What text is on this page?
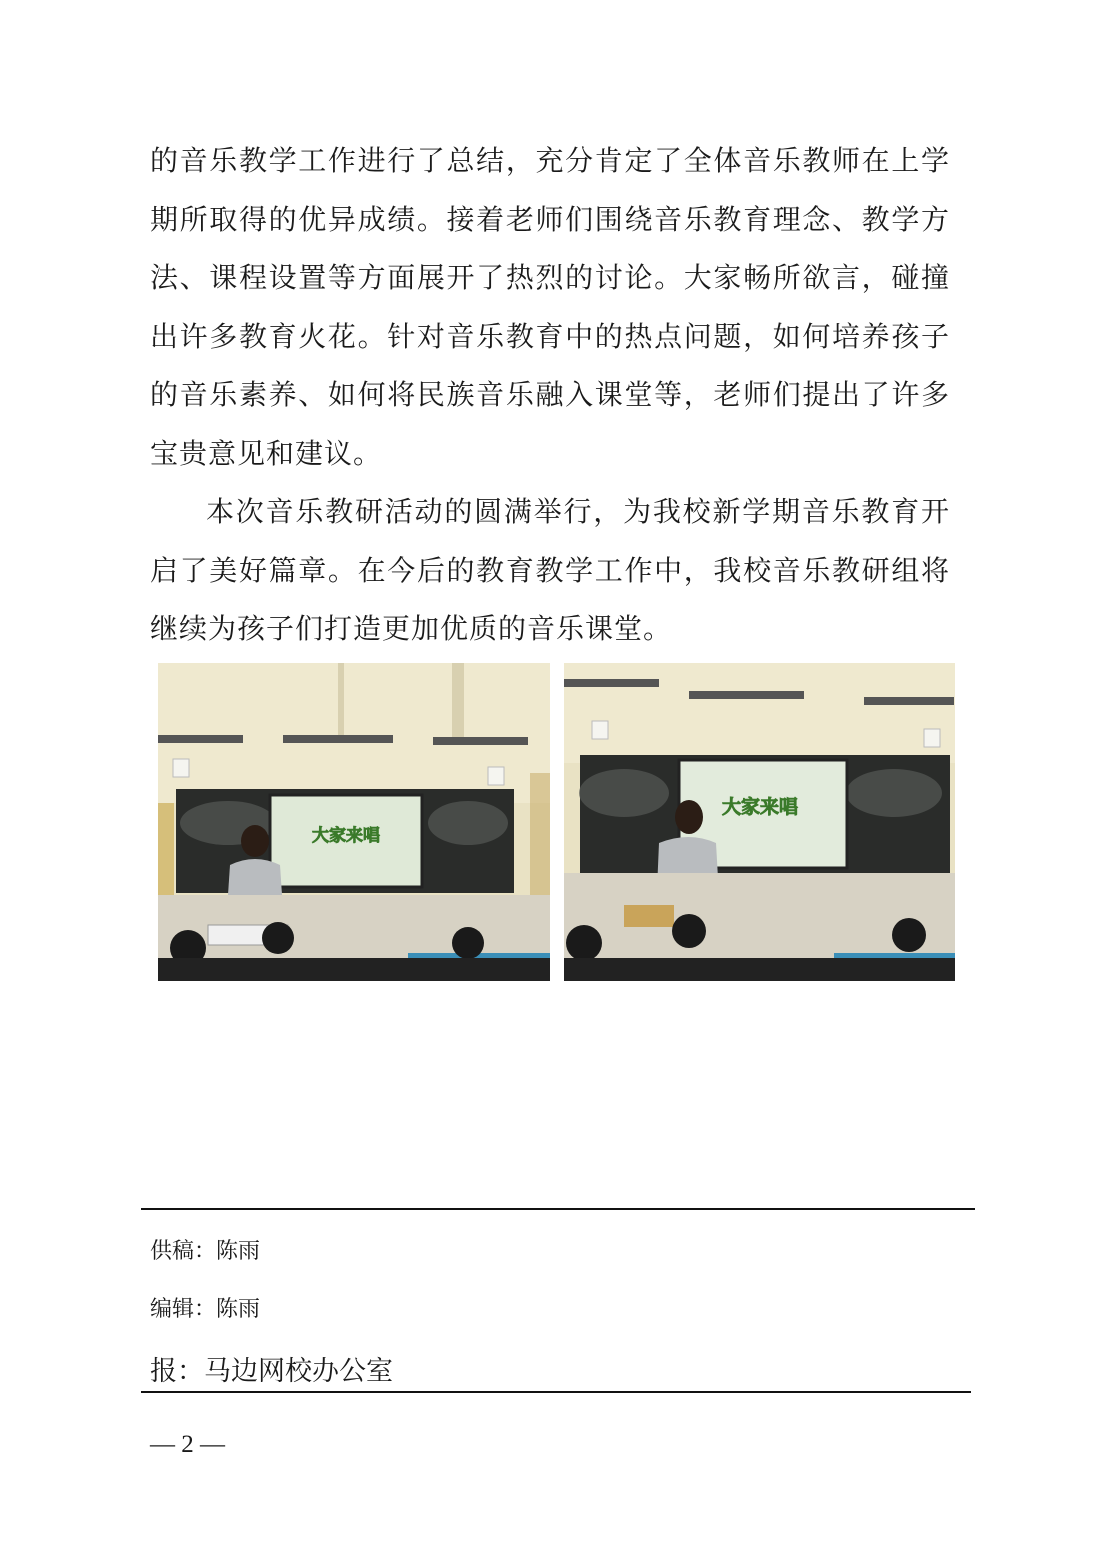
的音乐教学工作进行了总结，充分肯定了全体音乐教师在上学期所取得的优异成绩。接着老师们围绕音乐教育理念、教学方法、课程设置等方面展开了热烈的讨论。大家畅所欲言，碰撞出许多教育火花。针对音乐教育中的热点问题，如何培养孩子的音乐素养、如何将民族音乐融入课堂等，老师们提出了许多宝贵意见和建议。

本次音乐教研活动的圆满举行，为我校新学期音乐教育开启了美好篇章。在今后的教育教学工作中，我校音乐教研组将继续为孩子们打造更加优质的音乐课堂。

大家来唱
大家来唱
供稿：陈雨
编辑：陈雨
报：马边网校办公室
— 2 —
